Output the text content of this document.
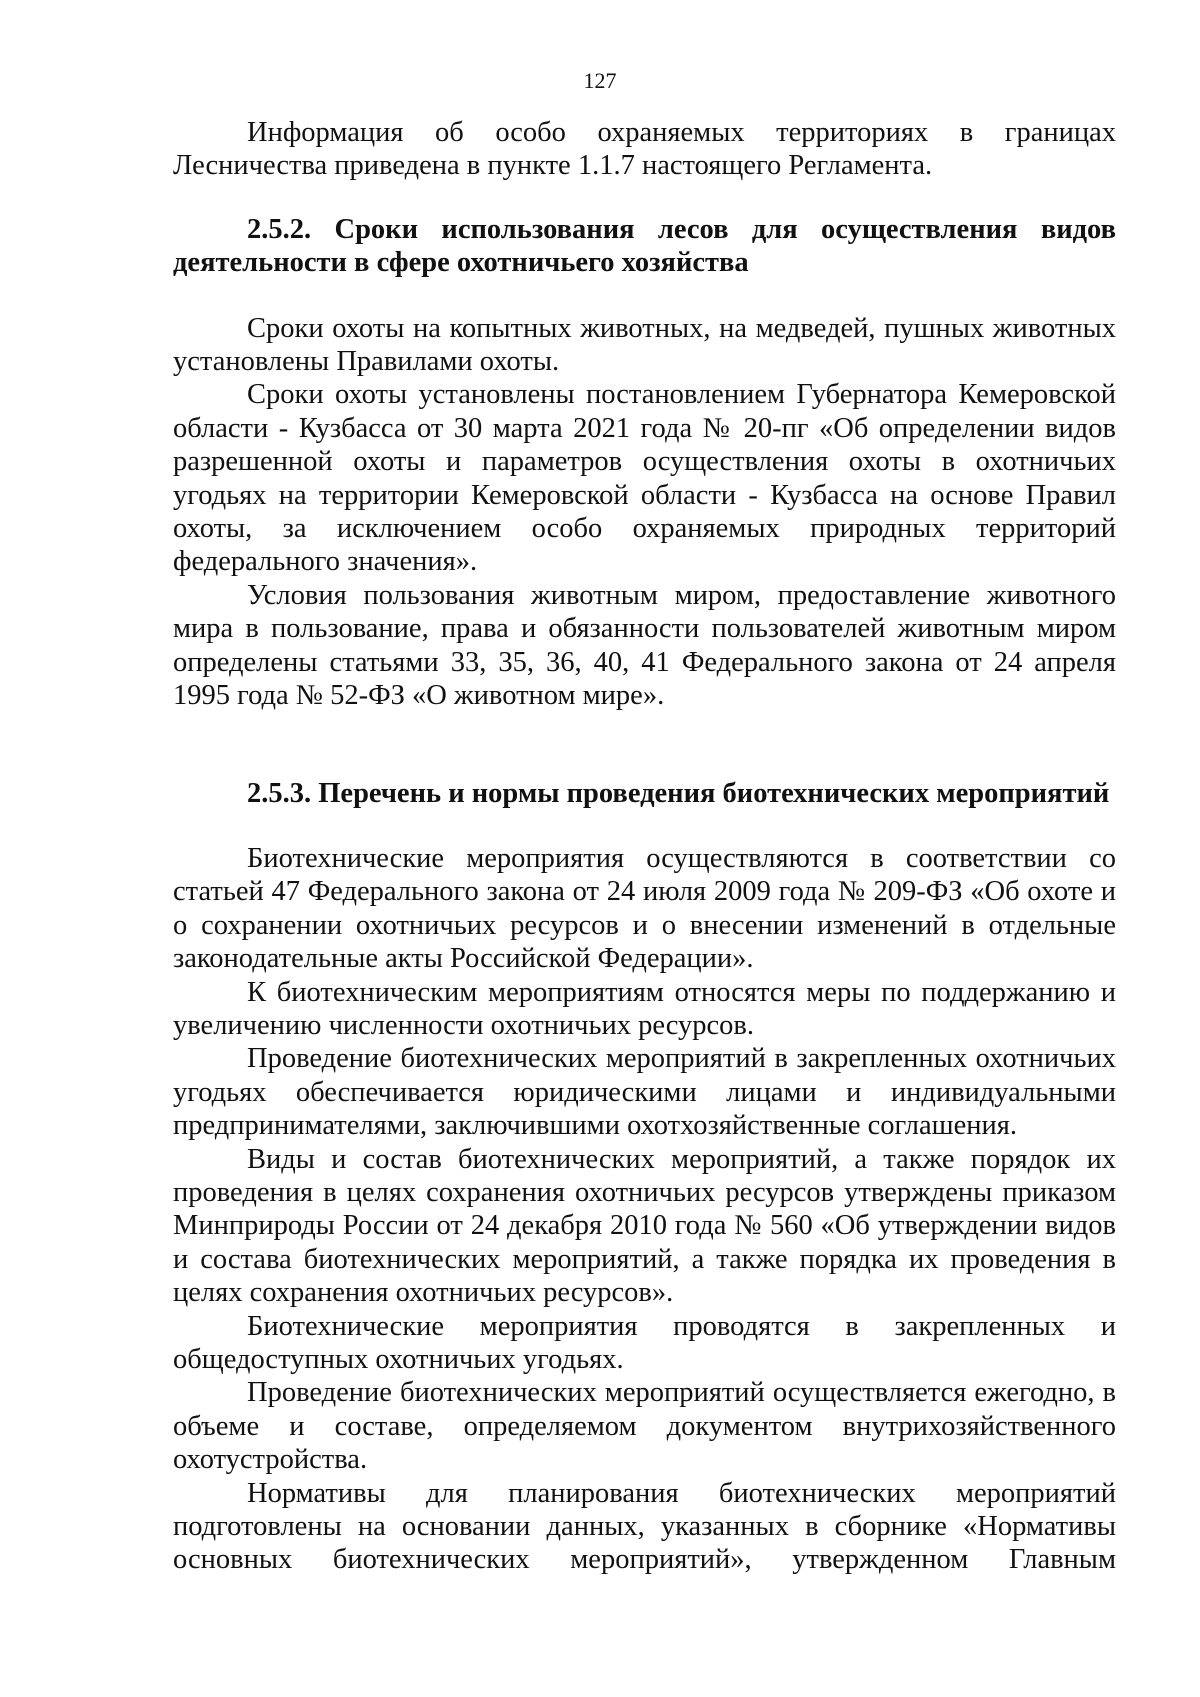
127

Информация об особо охраняемых территориях в границах Лесничества приведена в пункте 1.1.7 настоящего Регламента.

2.5.2. Сроки использования лесов для осуществления видов деятельности в сфере охотничьего хозяйства

Сроки охоты на копытных животных, на медведей, пушных животных установлены Правилами охоты.

Сроки охоты установлены постановлением Губернатора Кемеровской области - Кузбасса от 30 марта 2021 года № 20-пг «Об определении видов разрешенной охоты и параметров осуществления охоты в охотничьих угодьях на территории Кемеровской области - Кузбасса на основе Правил охоты, за исключением особо охраняемых природных территорий федерального значения».

Условия пользования животным миром, предоставление животного мира в пользование, права и обязанности пользователей животным миром определены статьями 33, 35, 36, 40, 41 Федерального закона от 24 апреля 1995 года № 52-ФЗ «О животном мире».

2.5.3. Перечень и нормы проведения биотехнических мероприятий

Биотехнические мероприятия осуществляются в соответствии со статьей 47 Федерального закона от 24 июля 2009 года № 209-ФЗ «Об охоте и о сохранении охотничьих ресурсов и о внесении изменений в отдельные законодательные акты Российской Федерации».

К биотехническим мероприятиям относятся меры по поддержанию и увеличению численности охотничьих ресурсов.

Проведение биотехнических мероприятий в закрепленных охотничьих угодьях обеспечивается юридическими лицами и индивидуальными предпринимателями, заключившими охотхозяйственные соглашения.

Виды и состав биотехнических мероприятий, а также порядок их проведения в целях сохранения охотничьих ресурсов утверждены приказом Минприроды России от 24 декабря 2010 года № 560 «Об утверждении видов и состава биотехнических мероприятий, а также порядка их проведения в целях сохранения охотничьих ресурсов».

Биотехнические мероприятия проводятся в закрепленных и общедоступных охотничьих угодьях.

Проведение биотехнических мероприятий осуществляется ежегодно, в объеме и составе, определяемом документом внутрихозяйственного охотустройства.

Нормативы для планирования биотехнических мероприятий подготовлены на основании данных, указанных в сборнике «Нормативы основных биотехнических мероприятий», утвержденном Главным
